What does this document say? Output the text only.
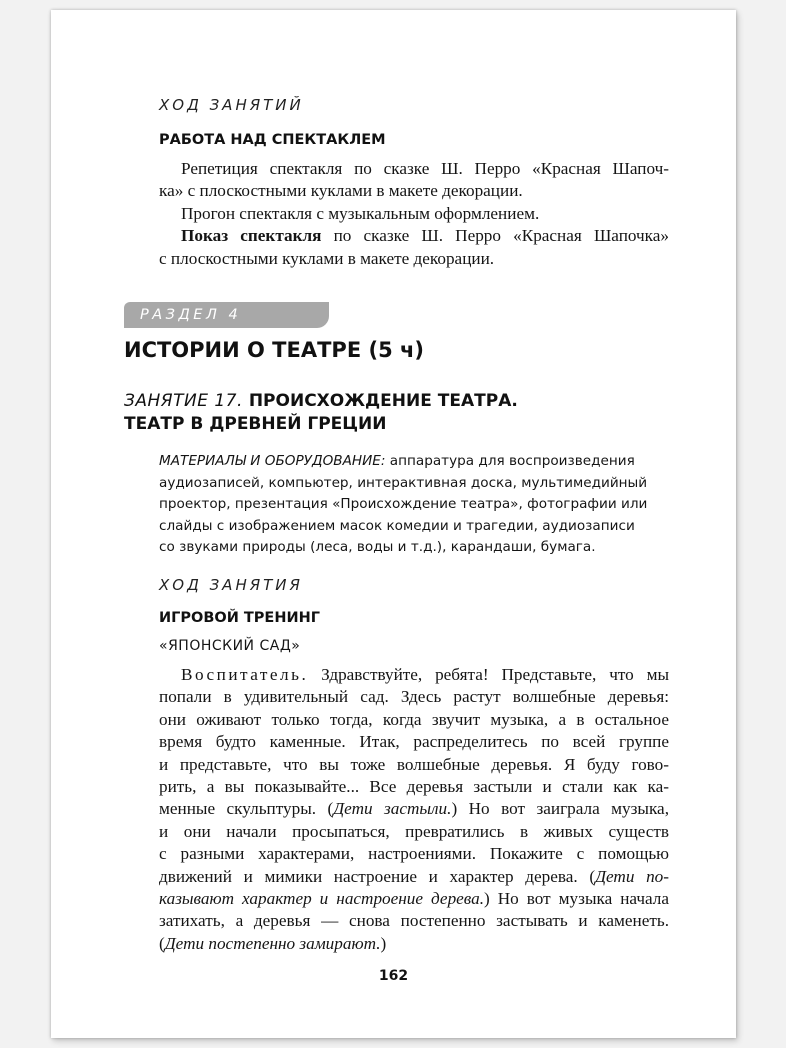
ХОД ЗАНЯТИЙ
РАБОТА НАД СПЕКТАКЛЕМ
Репетиция спектакля по сказке Ш. Перро «Красная Шапоч-
ка» с плоскостными куклами в макете декорации.
Прогон спектакля с музыкальным оформлением.
Показ спектакля по сказке Ш. Перро «Красная Шапочка»
с плоскостными куклами в макете декорации.
РАЗДЕЛ 4
ИСТОРИИ О ТЕАТРЕ (5 ч)
ЗАНЯТИЕ 17. ПРОИСХОЖДЕНИЕ ТЕАТРА.
ТЕАТР В ДРЕВНЕЙ ГРЕЦИИ
МАТЕРИАЛЫ И ОБОРУДОВАНИЕ: аппаратура для воспроизведения
аудиозаписей, компьютер, интерактивная доска, мультимедийный
проектор, презентация «Происхождение театра», фотографии или
слайды с изображением масок комедии и трагедии, аудиозаписи
со звуками природы (леса, воды и т.д.), карандаши, бумага.
ХОД ЗАНЯТИЯ
ИГРОВОЙ ТРЕНИНГ
«ЯПОНСКИЙ САД»
Воспитатель. Здравствуйте, ребята! Представьте, что мы
попали в удивительный сад. Здесь растут волшебные деревья:
они оживают только тогда, когда звучит музыка, а в остальное
время будто каменные. Итак, распределитесь по всей группе
и представьте, что вы тоже волшебные деревья. Я буду гово-
рить, а вы показывайте... Все деревья застыли и стали как ка-
менные скульптуры. (Дети застыли.) Но вот заиграла музыка,
и они начали просыпаться, превратились в живых существ
с разными характерами, настроениями. Покажите с помощью
движений и мимики настроение и характер дерева. (Дети по-
казывают характер и настроение дерева.) Но вот музыка начала
затихать, а деревья — снова постепенно застывать и каменеть.
(Дети постепенно замирают.)
162
